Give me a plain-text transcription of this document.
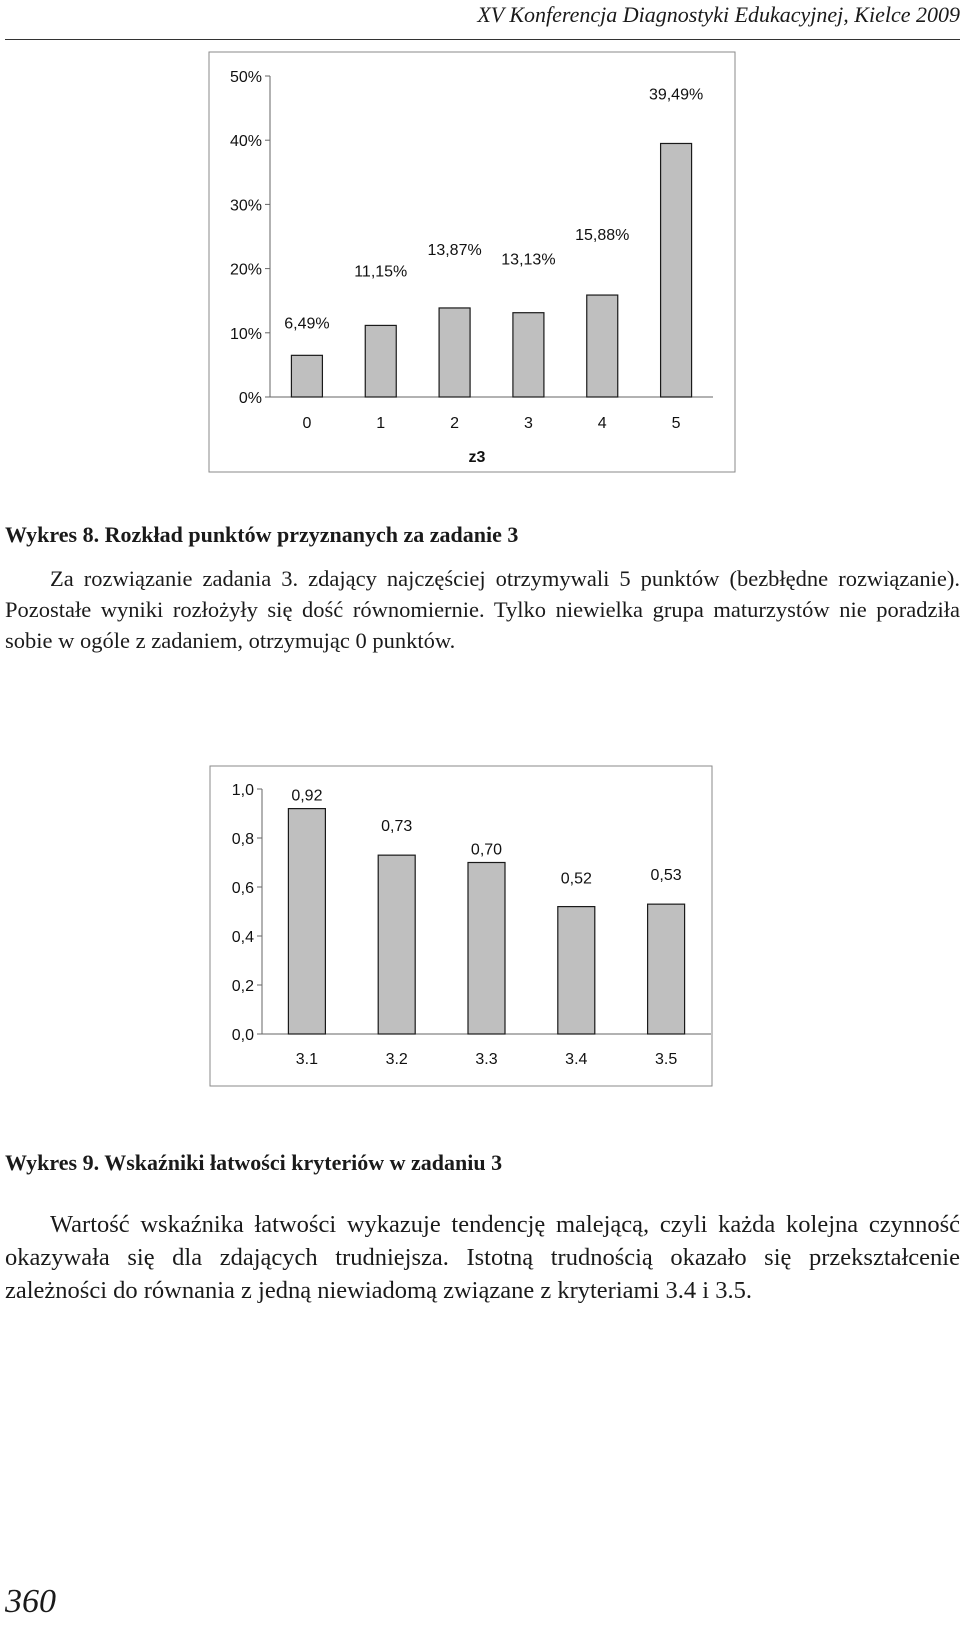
XV Konferencja Diagnostyki Edukacyjnej, Kielce 2009
0%
10%
20%
30%
40%
50%
6,49%
0
11,15%
1
13,87%
2
13,13%
3
15,88%
4
39,49%
5
z3
Wykres 8. Rozkład punktów przyznanych za zadanie 3

Za rozwiązanie zadania 3. zdający najczęściej otrzymywali 5 punktów (bezbłędne rozwiązanie). Pozostałe wyniki rozłożyły się dość równomiernie. Tylko niewielka grupa maturzystów nie poradziła sobie w ogóle z zadaniem, otrzymując 0 punktów.

0,0
0,2
0,4
0,6
0,8
1,0 0,92
3.1
0,73
3.2
0,70
3.3
0,52
3.4
0,53
3.5
Wykres 9. Wskaźniki łatwości kryteriów w zadaniu 3

Wartość wskaźnika łatwości wykazuje tendencję malejącą, czyli każda kolejna czynność okazywała się dla zdających trudniejsza. Istotną trudnością okazało się przekształcenie zależności do równania z jedną niewiadomą związane z kryteriami 3.4 i 3.5.

360
